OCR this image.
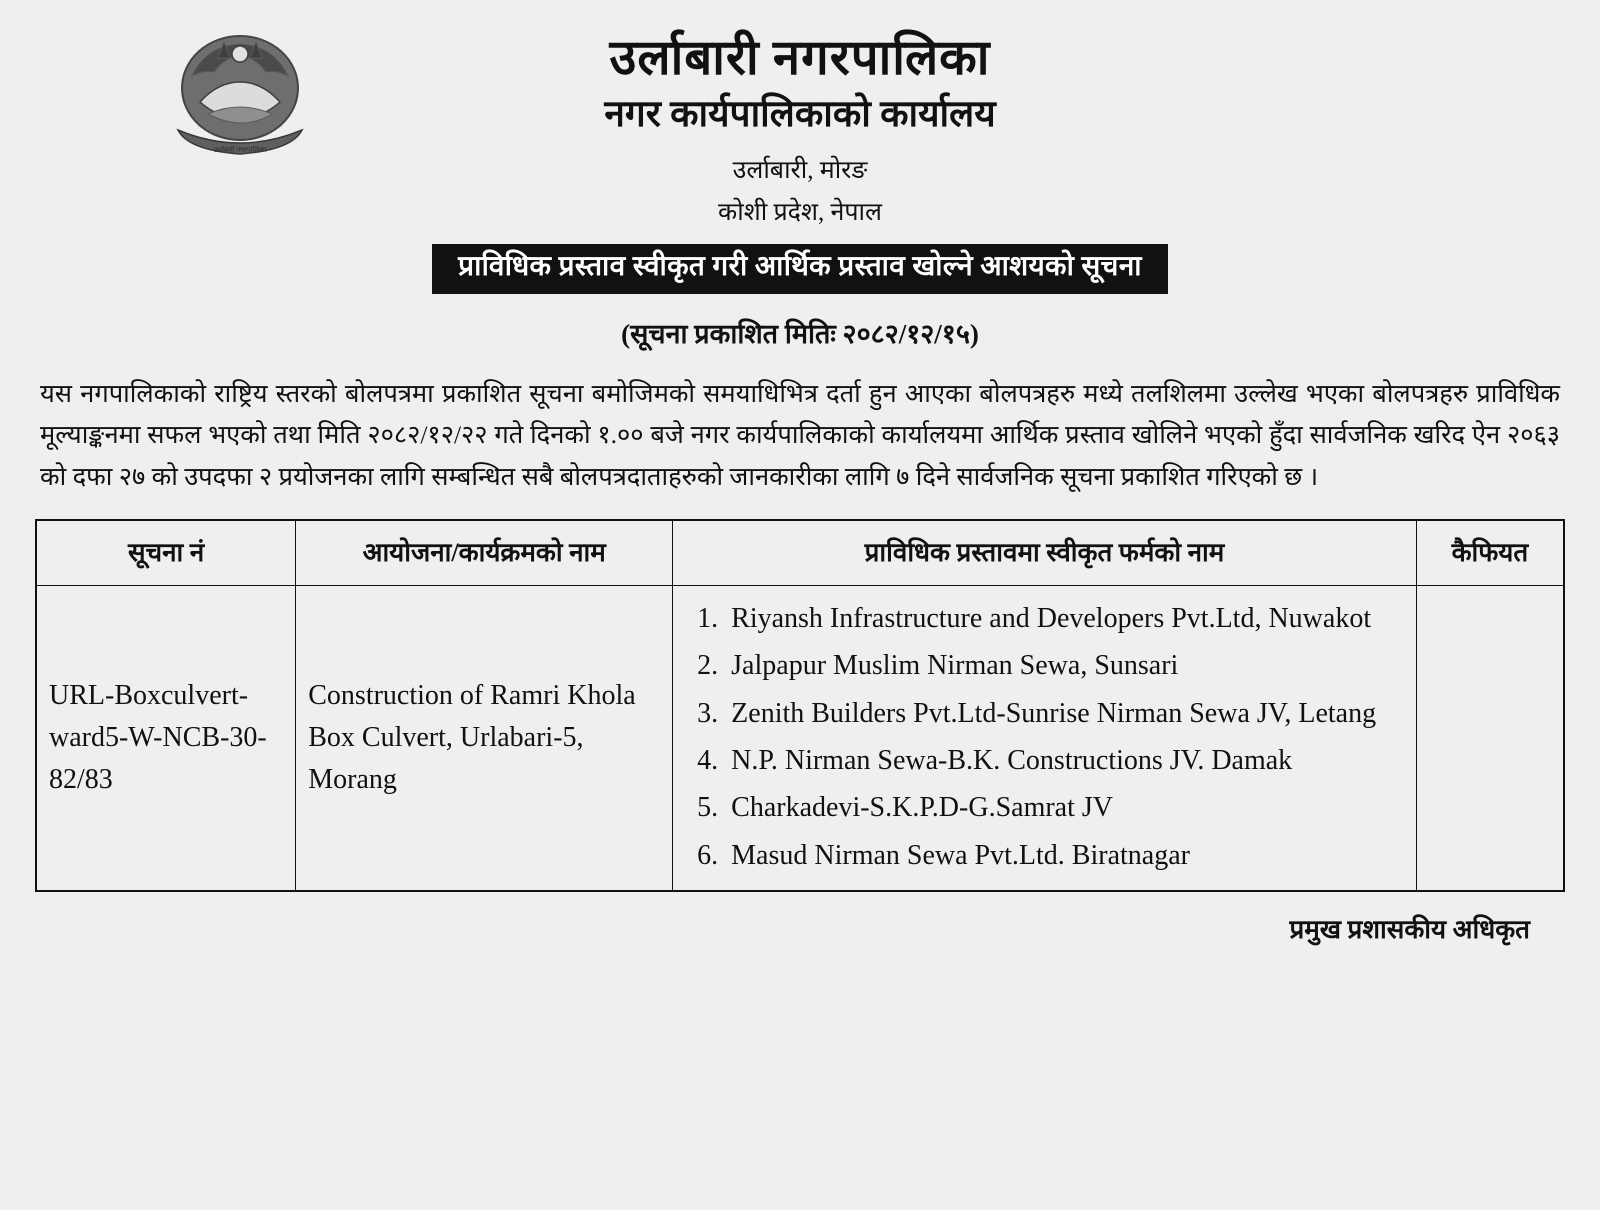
उर्लाबारी नगरपालिका
उर्लाबारी नगरपालिका
नगर कार्यपालिकाको कार्यालय
उर्लाबारी, मोरङ
कोशी प्रदेश, नेपाल
प्राविधिक प्रस्ताव स्वीकृत गरी आर्थिक प्रस्ताव खोल्ने आशयको सूचना
(सूचना प्रकाशित मितिः २०८२/१२/१५)
यस नगपालिकाको राष्ट्रिय स्तरको बोलपत्रमा प्रकाशित सूचना बमोजिमको समयाधिभित्र दर्ता हुन आएका बोलपत्रहरु मध्ये तलशिलमा उल्लेख भएका बोलपत्रहरु प्राविधिक मूल्याङ्कनमा सफल भएको तथा मिति २०८२/१२/२२ गते दिनको १.०० बजे नगर कार्यपालिकाको कार्यालयमा आर्थिक प्रस्ताव खोलिने भएको हुँदा सार्वजनिक खरिद ऐन २०६३ को दफा २७ को उपदफा २ प्रयोजनका लागि सम्बन्धित सबै बोलपत्रदाताहरुको जानकारीका लागि ७ दिने सार्वजनिक सूचना प्रकाशित गरिएको छ ।
सूचना नं	आयोजना/कार्यक्रमको नाम	प्राविधिक प्रस्तावमा स्वीकृत फर्मको नाम	कैफियत
URL-Boxculvert-ward5-W-NCB-30-82/83	Construction of Ramri Khola Box Culvert, Urlabari-5, Morang	
1. Riyansh Infrastructure and Developers Pvt.Ltd, Nuwakot
2. Jalpapur Muslim Nirman Sewa, Sunsari
3. Zenith Builders Pvt.Ltd-Sunrise Nirman Sewa JV, Letang
4. N.P. Nirman Sewa-B.K. Constructions JV. Damak
5. Charkadevi-S.K.P.D-G.Samrat JV
6. Masud Nirman Sewa Pvt.Ltd. Biratnagar

प्रमुख प्रशासकीय अधिकृत
